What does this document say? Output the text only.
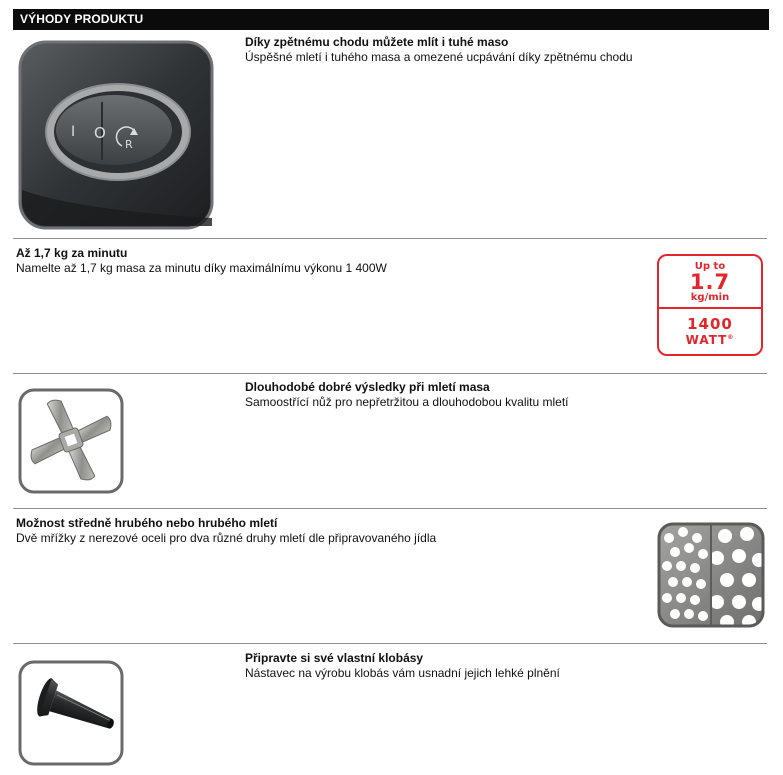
VÝHODY PRODUKTU
I O
R
Díky zpětnému chodu můžete mlít i tuhé maso
Úspěšné mletí i tuhého masa a omezené ucpávání díky zpětnému chodu
Až 1,7 kg za minutu
Namelte až 1,7 kg masa za minutu díky maximálnímu výkonu 1 400W	Up to
1.7
kg/min
1400
WATT®
Dlouhodobé dobré výsledky při mletí masa
Samoostřící nůž pro nepřetržitou a dlouhodobou kvalitu mletí
Možnost středně hrubého nebo hrubého mletí
Dvě mřížky z nerezové oceli pro dva různé druhy mletí dle připravovaného jídla
Připravte si své vlastní klobásy
Nástavec na výrobu klobás vám usnadní jejich lehké plnění
